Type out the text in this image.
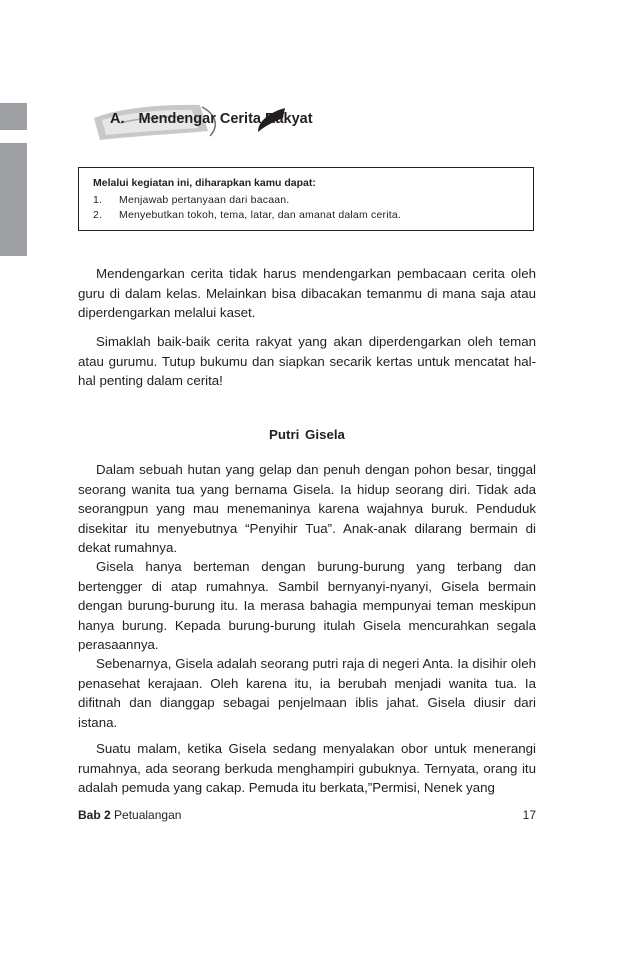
A. Mendengar Cerita Rakyat
Melalui kegiatan ini, diharapkan kamu dapat:
1.	Menjawab pertanyaan dari bacaan.
2.	Menyebutkan tokoh, tema, latar, dan amanat dalam cerita.

Mendengarkan cerita tidak harus mendengarkan pembacaan cerita oleh guru di dalam kelas. Melainkan bisa dibacakan temanmu di mana saja atau diperdengarkan melalui kaset.

Simaklah baik-baik cerita rakyat yang akan diperdengarkan oleh teman atau gurumu. Tutup bukumu dan siapkan secarik kertas untuk mencatat hal-hal penting dalam cerita!

Putri Gisela

Dalam sebuah hutan yang gelap dan penuh dengan pohon besar, tinggal seorang wanita tua yang bernama Gisela. Ia hidup seorang diri. Tidak ada seorangpun yang mau menemaninya karena wajahnya buruk. Penduduk disekitar itu menyebutnya “Penyihir Tua”. Anak-anak dilarang bermain di dekat rumahnya.

Gisela hanya berteman dengan burung-burung yang terbang dan bertengger di atap rumahnya. Sambil bernyanyi-nyanyi, Gisela bermain dengan burung-burung itu. Ia merasa bahagia mempunyai teman meskipun hanya burung. Kepada burung-burung itulah Gisela mencurahkan segala perasaannya.

Sebenarnya, Gisela adalah seorang putri raja di negeri Anta. Ia disihir oleh penasehat kerajaan. Oleh karena itu, ia berubah menjadi wanita tua. Ia difitnah dan dianggap sebagai penjelmaan iblis jahat. Gisela diusir dari istana.

Suatu malam, ketika Gisela sedang menyalakan obor untuk menerangi rumahnya, ada seorang berkuda menghampiri gubuknya. Ternyata, orang itu adalah pemuda yang cakap. Pemuda itu berkata,”Permisi, Nenek yang

Bab 2 Petualangan	17
